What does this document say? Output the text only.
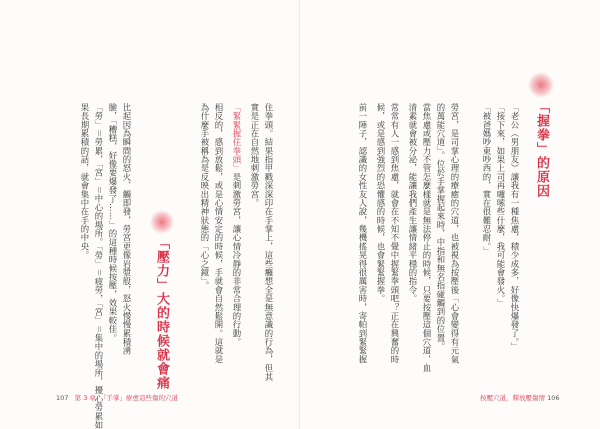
「握拳」的原因
「老公（男朋友）讓我有一種焦慮，積少成多，好像快爆發了。」
「接下來，如果上司再囉嗦些什麼，我可能會發火。」
「被爸媽吵東吵西的，實在很難忍耐。」
勞宮，是司掌心理的療癒的穴道，也被視為按壓後「心會變得有元氣
的萬能穴道」。位於手掌握起來時，中指和無名指碰觸到的位置。
當焦慮或壓力不管怎麼樣就是無法停止的時候，只要按壓這個穴道，血
清素就會被分泌，能讓我們產生讓情緒平穩的指令。
常常有人一感到焦慮，就會在不知不覺中握緊拳頭吧？正在興奮的時
候，或是感到強烈的恐懼感的時候，也會緊緊握拳。
前一陣子，認識的女性友人說，幾機搖晃得很厲害時，寄帕到緊緊握
按壓穴道，釋放壓傷情 106
住拳頭。結果指甲戳深深印在手掌上，這些癱想全是無意識的行為，但其
實是正在自然地刺激勞宮。
「緊緊握住拳頭」是刺激勞宮，讓心情冷靜的非常合理的行動。
相反的，感到放鬆，或是心情安定的時候，手就會自然鬆開。這就是
為什麼手被稱為是反映出精神狀態的「心之鏡」。
「壓力」大的時候就會痛
比起因為瞬間的怒火、觸即發，勞宮更像岩漿般，怒火慢慢累積湧
臉，「糟糕，好像要爆發了……」的這種時候按壓，效果較佳。
「勞」＝勞累，「宮」＝中心的場所。「勞」＝疲勞，「宮」＝集中的場所，擾心勞累如
果長期累積的話，就會集中在手的中央。
107 第 3 章 「手掌」療愈這些傷的穴道
